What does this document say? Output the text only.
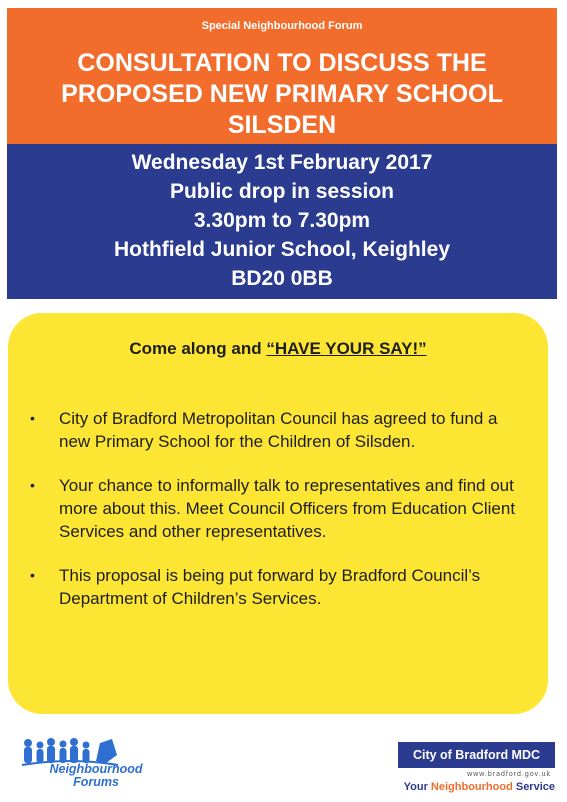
Special Neighbourhood Forum
CONSULTATION TO DISCUSS THE
PROPOSED NEW PRIMARY SCHOOL
SILSDEN
Wednesday 1st February 2017
Public drop in session
3.30pm to 7.30pm
Hothfield Junior School, Keighley
BD20 0BB
Come along and “HAVE YOUR SAY!”
• City of Bradford Metropolitan Council has agreed to fund a new Primary School for the Children of Silsden.
• Your chance to informally talk to representatives and find out more about this. Meet Council Officers from Education Client Services and other representatives.
• This proposal is being put forward by Bradford Council’s Department of Children’s Services.
Neighbourhood
Forums
City of Bradford MDC
www.bradford.gov.uk
Your Neighbourhood Service
